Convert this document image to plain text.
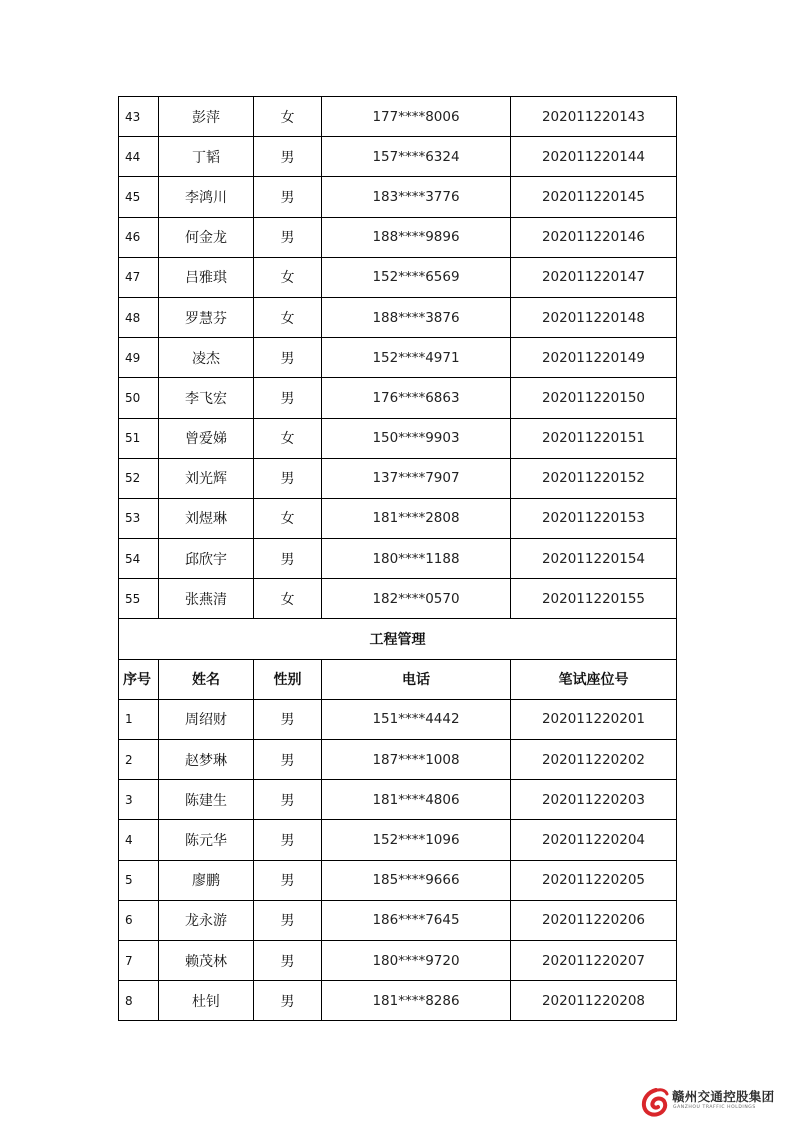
43	彭萍	女	177****8006	202011220143
44	丁韬	男	157****6324	202011220144
45	李鸿川	男	183****3776	202011220145
46	何金龙	男	188****9896	202011220146
47	吕雅琪	女	152****6569	202011220147
48	罗慧芬	女	188****3876	202011220148
49	凌杰	男	152****4971	202011220149
50	李飞宏	男	176****6863	202011220150
51	曾爱娣	女	150****9903	202011220151
52	刘光辉	男	137****7907	202011220152
53	刘煜琳	女	181****2808	202011220153
54	邱欣宇	男	180****1188	202011220154
55	张燕清	女	182****0570	202011220155
工程管理				
序号	姓名	性别	电话	笔试座位号
1	周绍财	男	151****4442	202011220201
2	赵梦琳	男	187****1008	202011220202
3	陈建生	男	181****4806	202011220203
4	陈元华	男	152****1096	202011220204
5	廖鹏	男	185****9666	202011220205
6	龙永游	男	186****7645	202011220206
7	赖茂林	男	180****9720	202011220207
8	杜钊	男	181****8286	202011220208
赣州交通控股集团
GANZHOU TRAFFIC HOLDINGS
